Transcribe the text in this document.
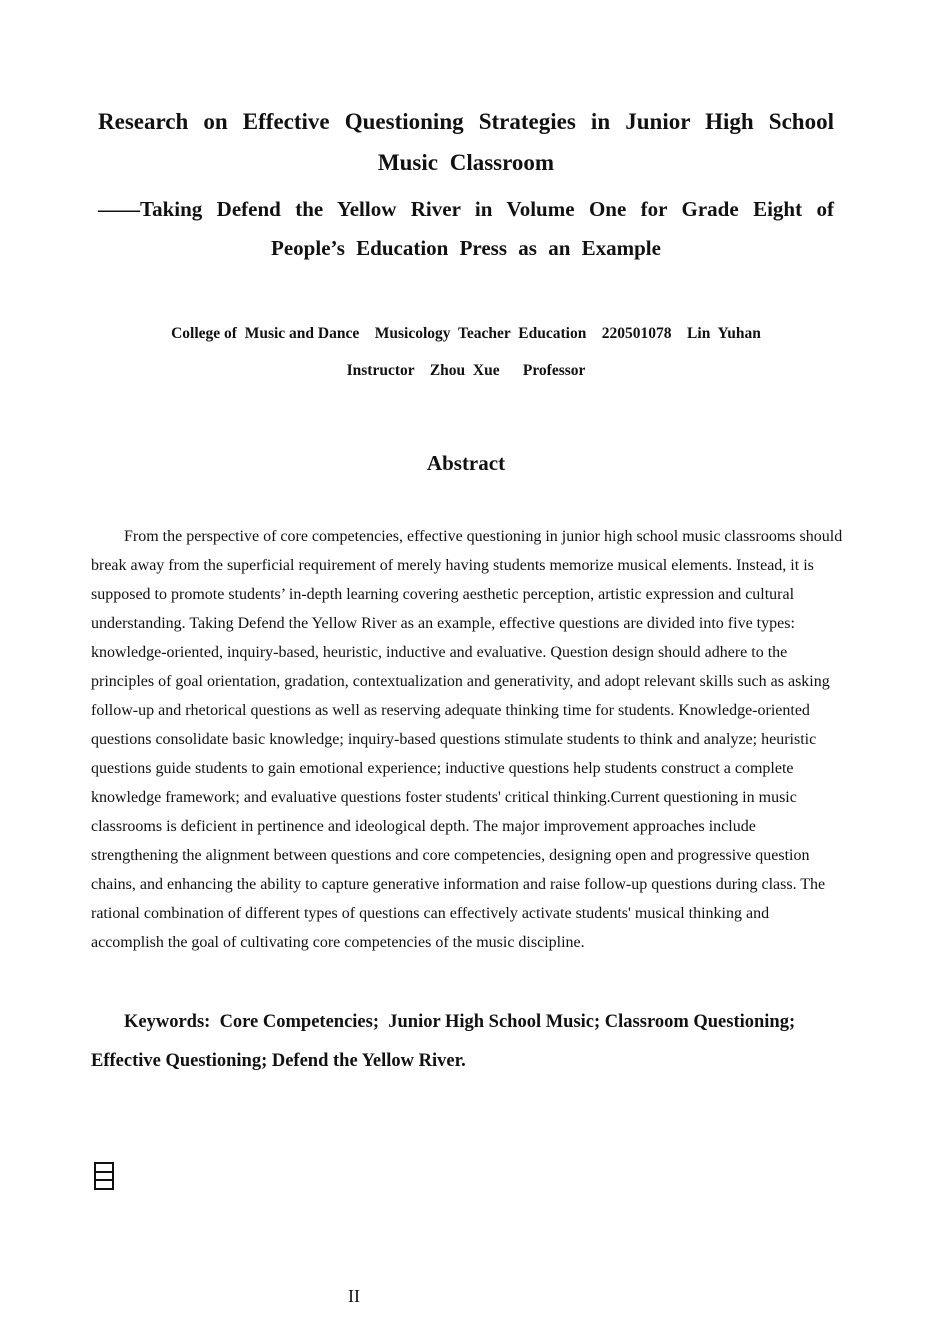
Research on Effective Questioning Strategies in Junior High School Music Classroom
——Taking Defend the Yellow River in Volume One for Grade Eight of People’s Education Press as an Example
College of  Music and Dance    Musicology  Teacher  Education    220501078    Lin  Yuhan
Instructor    Zhou  Xue      Professor
Abstract
From the perspective of core competencies, effective questioning in junior high school music classrooms should break away from the superficial requirement of merely having students memorize musical elements. Instead, it is supposed to promote students’ in-depth learning covering aesthetic perception, artistic expression and cultural understanding. Taking Defend the Yellow River as an example, effective questions are divided into five types: knowledge-oriented, inquiry-based, heuristic, inductive and evaluative. Question design should adhere to the principles of goal orientation, gradation, contextualization and generativity, and adopt relevant skills such as asking follow-up and rhetorical questions as well as reserving adequate thinking time for students. Knowledge-oriented questions consolidate basic knowledge; inquiry-based questions stimulate students to think and analyze; heuristic questions guide students to gain emotional experience; inductive questions help students construct a complete knowledge framework; and evaluative questions foster students' critical thinking.Current questioning in music classrooms is deficient in pertinence and ideological depth. The major improvement approaches include strengthening the alignment between questions and core competencies, designing open and progressive question chains, and enhancing the ability to capture generative information and raise follow-up questions during class. The rational combination of different types of questions can effectively activate students' musical thinking and accomplish the goal of cultivating core competencies of the music discipline.
Keywords:  Core Competencies;  Junior High School Music; Classroom Questioning; Effective Questioning; Defend the Yellow River.
II
